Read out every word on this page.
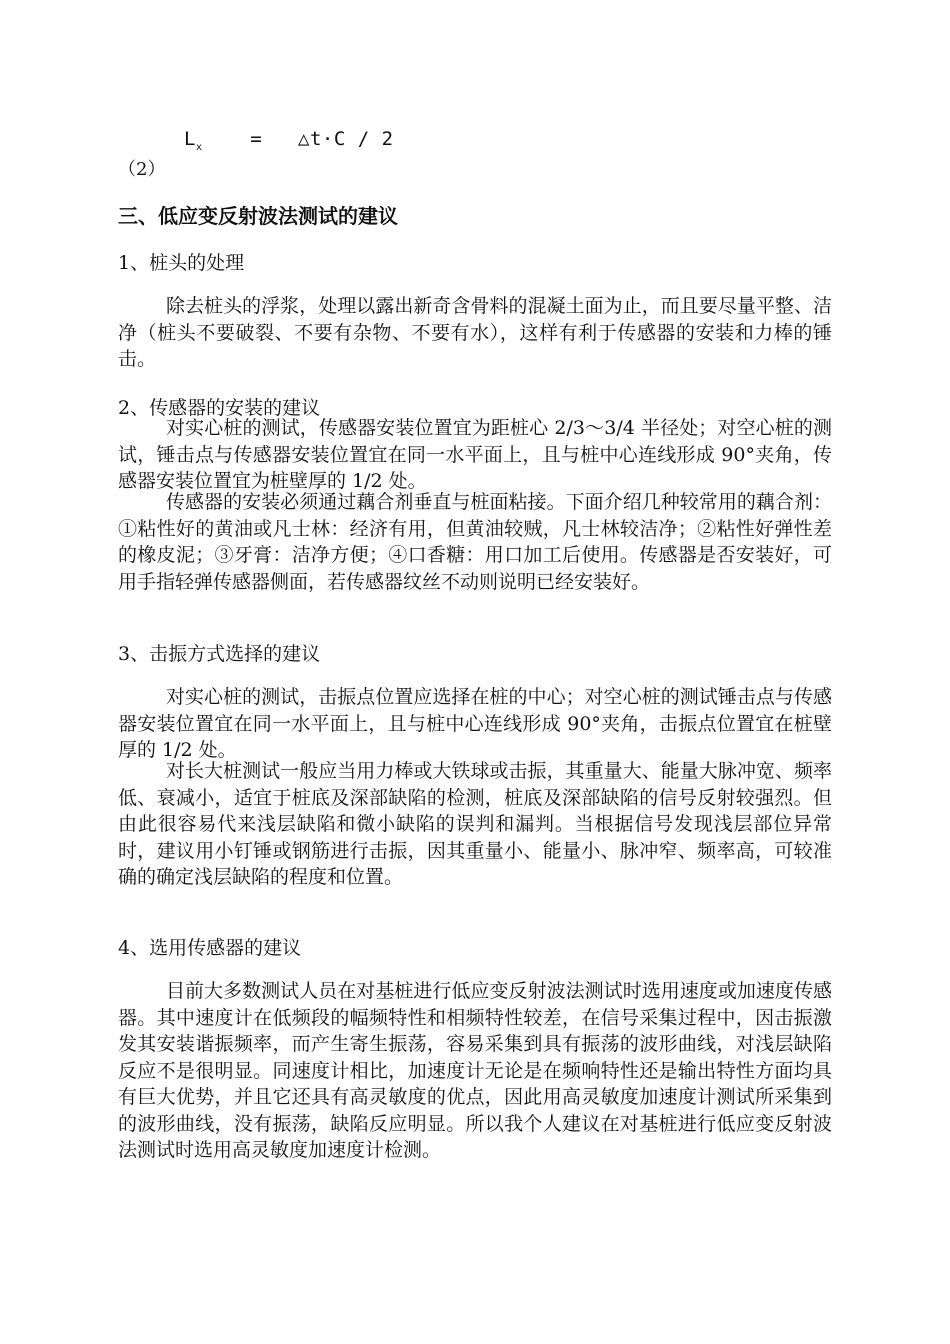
$L_x$	= △t·C / 2
（2）
三、低应变反射波法测试的建议
1、桩头的处理
除去桩头的浮浆，处理以露出新奇含骨料的混凝土面为止，而且要尽量平整、洁净（桩头不要破裂、不要有杂物、不要有水），这样有利于传感器的安装和力棒的锤击。
2、传感器的安装的建议
对实心桩的测试，传感器安装位置宜为距桩心 2/3～3/4 半径处；对空心桩的测试，锤击点与传感器安装位置宜在同一水平面上，且与桩中心连线形成 90°夹角，传感器安装位置宜为桩壁厚的 1/2 处。
传感器的安装必须通过藕合剂垂直与桩面粘接。下面介绍几种较常用的藕合剂：①粘性好的黄油或凡士林：经济有用，但黄油较贼，凡士林较洁净；②粘性好弹性差的橡皮泥；③牙膏：洁净方便；④口香糖：用口加工后使用。传感器是否安装好，可用手指轻弹传感器侧面，若传感器纹丝不动则说明已经安装好。
3、击振方式选择的建议
对实心桩的测试，击振点位置应选择在桩的中心；对空心桩的测试锤击点与传感器安装位置宜在同一水平面上，且与桩中心连线形成 90°夹角，击振点位置宜在桩壁厚的 1/2 处。
对长大桩测试一般应当用力棒或大铁球或击振，其重量大、能量大脉冲宽、频率低、衰减小，适宜于桩底及深部缺陷的检测，桩底及深部缺陷的信号反射较强烈。但由此很容易代来浅层缺陷和微小缺陷的误判和漏判。当根据信号发现浅层部位异常时，建议用小钉锤或钢筋进行击振，因其重量小、能量小、脉冲窄、频率高，可较准确的确定浅层缺陷的程度和位置。
4、选用传感器的建议
目前大多数测试人员在对基桩进行低应变反射波法测试时选用速度或加速度传感器。其中速度计在低频段的幅频特性和相频特性较差，在信号采集过程中，因击振激发其安装谐振频率，而产生寄生振荡，容易采集到具有振荡的波形曲线，对浅层缺陷反应不是很明显。同速度计相比，加速度计无论是在频响特性还是输出特性方面均具有巨大优势，并且它还具有高灵敏度的优点，因此用高灵敏度加速度计测试所采集到的波形曲线，没有振荡，缺陷反应明显。所以我个人建议在对基桩进行低应变反射波法测试时选用高灵敏度加速度计检测。
